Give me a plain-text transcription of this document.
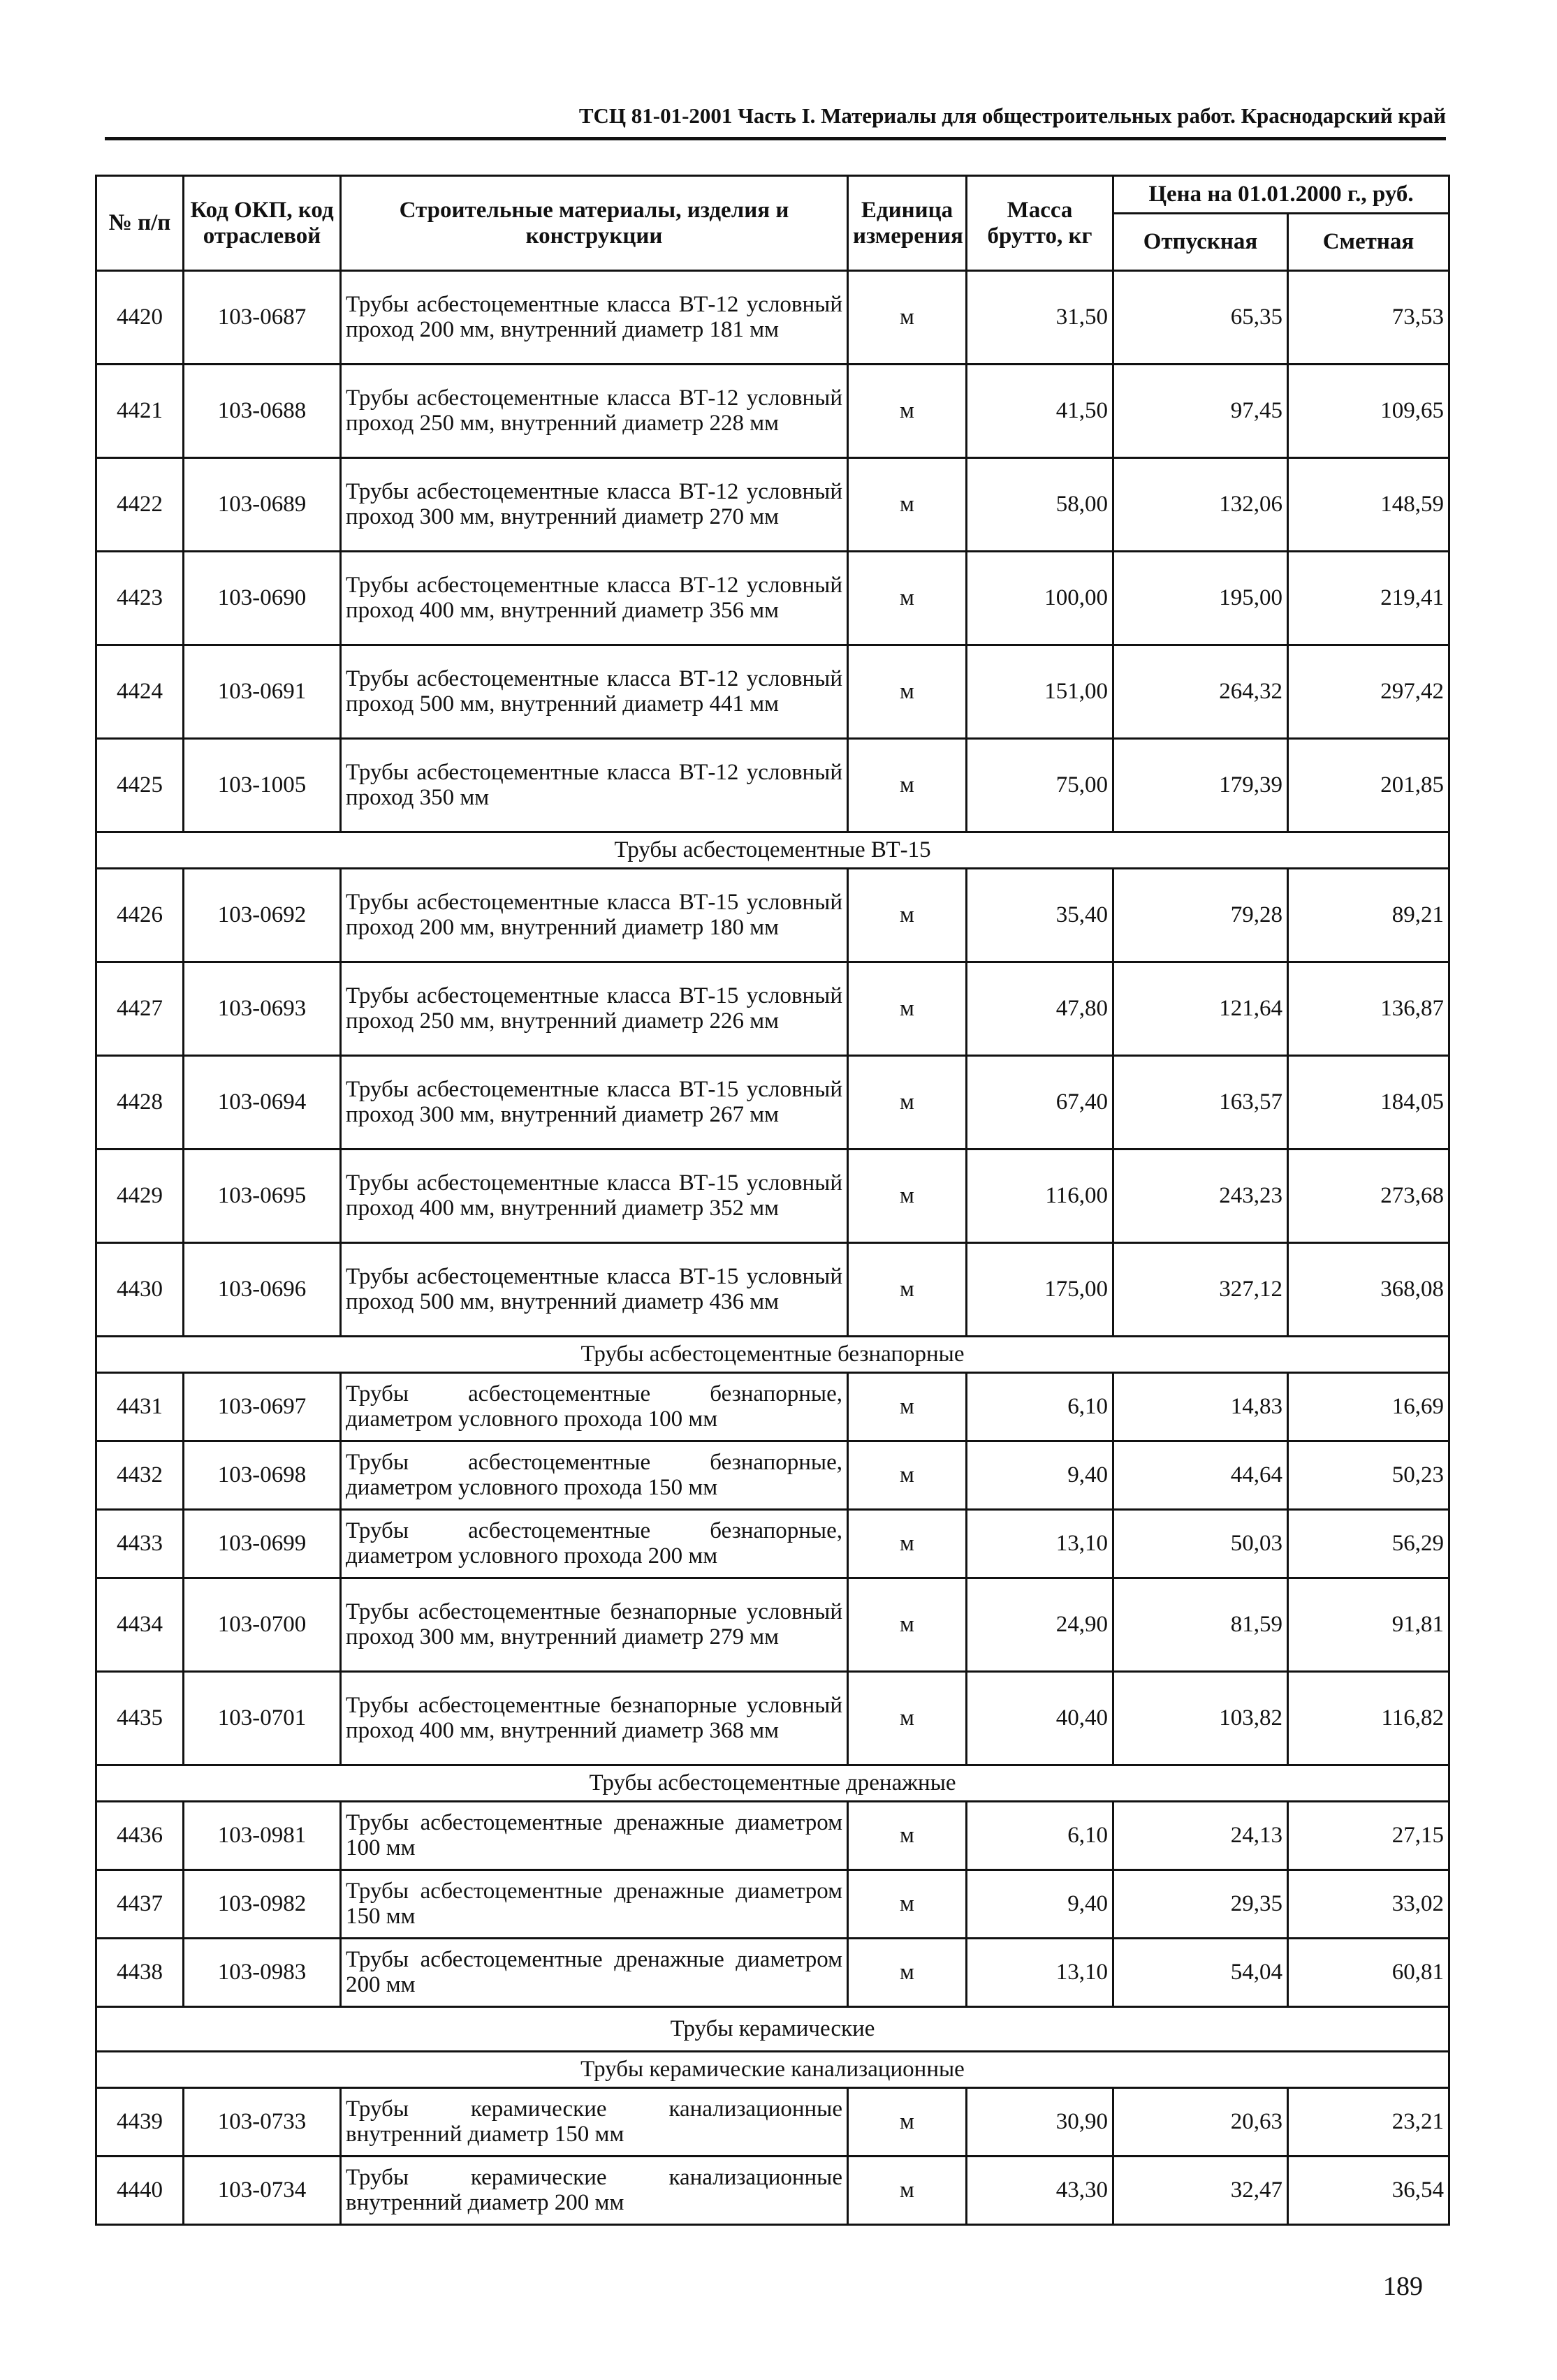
ТСЦ 81-01-2001 Часть I. Материалы для общестроительных работ. Краснодарский край
№ п/п	Код ОКП, код отраслевой	Строительные материалы, изделия и конструкции	Единица измерения	Масса брутто, кг	Цена на 01.01.2000 г., руб.	
					Отпускная	Сметная
4420	103-0687	Трубы асбестоцементные класса ВТ-12 условный проход 200 мм, внутренний диаметр 181 мм	м	31,50	65,35	73,53
4421	103-0688	Трубы асбестоцементные класса ВТ-12 условный проход 250 мм, внутренний диаметр 228 мм	м	41,50	97,45	109,65
4422	103-0689	Трубы асбестоцементные класса ВТ-12 условный проход 300 мм, внутренний диаметр 270 мм	м	58,00	132,06	148,59
4423	103-0690	Трубы асбестоцементные класса ВТ-12 условный проход 400 мм, внутренний диаметр 356 мм	м	100,00	195,00	219,41
4424	103-0691	Трубы асбестоцементные класса ВТ-12 условный проход 500 мм, внутренний диаметр 441 мм	м	151,00	264,32	297,42
4425	103-1005	Трубы асбестоцементные класса ВТ-12 условный проход 350 мм	м	75,00	179,39	201,85
Трубы асбестоцементные ВТ-15						
4426	103-0692	Трубы асбестоцементные класса ВТ-15 условный проход 200 мм, внутренний диаметр 180 мм	м	35,40	79,28	89,21
4427	103-0693	Трубы асбестоцементные класса ВТ-15 условный проход 250 мм, внутренний диаметр 226 мм	м	47,80	121,64	136,87
4428	103-0694	Трубы асбестоцементные класса ВТ-15 условный проход 300 мм, внутренний диаметр 267 мм	м	67,40	163,57	184,05
4429	103-0695	Трубы асбестоцементные класса ВТ-15 условный проход 400 мм, внутренний диаметр 352 мм	м	116,00	243,23	273,68
4430	103-0696	Трубы асбестоцементные класса ВТ-15 условный проход 500 мм, внутренний диаметр 436 мм	м	175,00	327,12	368,08
Трубы асбестоцементные безнапорные						
4431	103-0697	Трубы асбестоцементные безнапорные, диаметром условного прохода 100 мм	м	6,10	14,83	16,69
4432	103-0698	Трубы асбестоцементные безнапорные, диаметром условного прохода 150 мм	м	9,40	44,64	50,23
4433	103-0699	Трубы асбестоцементные безнапорные, диаметром условного прохода 200 мм	м	13,10	50,03	56,29
4434	103-0700	Трубы асбестоцементные безнапорные условный проход 300 мм, внутренний диаметр 279 мм	м	24,90	81,59	91,81
4435	103-0701	Трубы асбестоцементные безнапорные условный проход 400 мм, внутренний диаметр 368 мм	м	40,40	103,82	116,82
Трубы асбестоцементные дренажные						
4436	103-0981	Трубы асбестоцементные дренажные диаметром 100 мм	м	6,10	24,13	27,15
4437	103-0982	Трубы асбестоцементные дренажные диаметром 150 мм	м	9,40	29,35	33,02
4438	103-0983	Трубы асбестоцементные дренажные диаметром 200 мм	м	13,10	54,04	60,81
Трубы керамические						
Трубы керамические канализационные						
4439	103-0733	Трубы керамические канализационные внутренний диаметр 150 мм	м	30,90	20,63	23,21
4440	103-0734	Трубы керамические канализационные внутренний диаметр 200 мм	м	43,30	32,47	36,54
189
